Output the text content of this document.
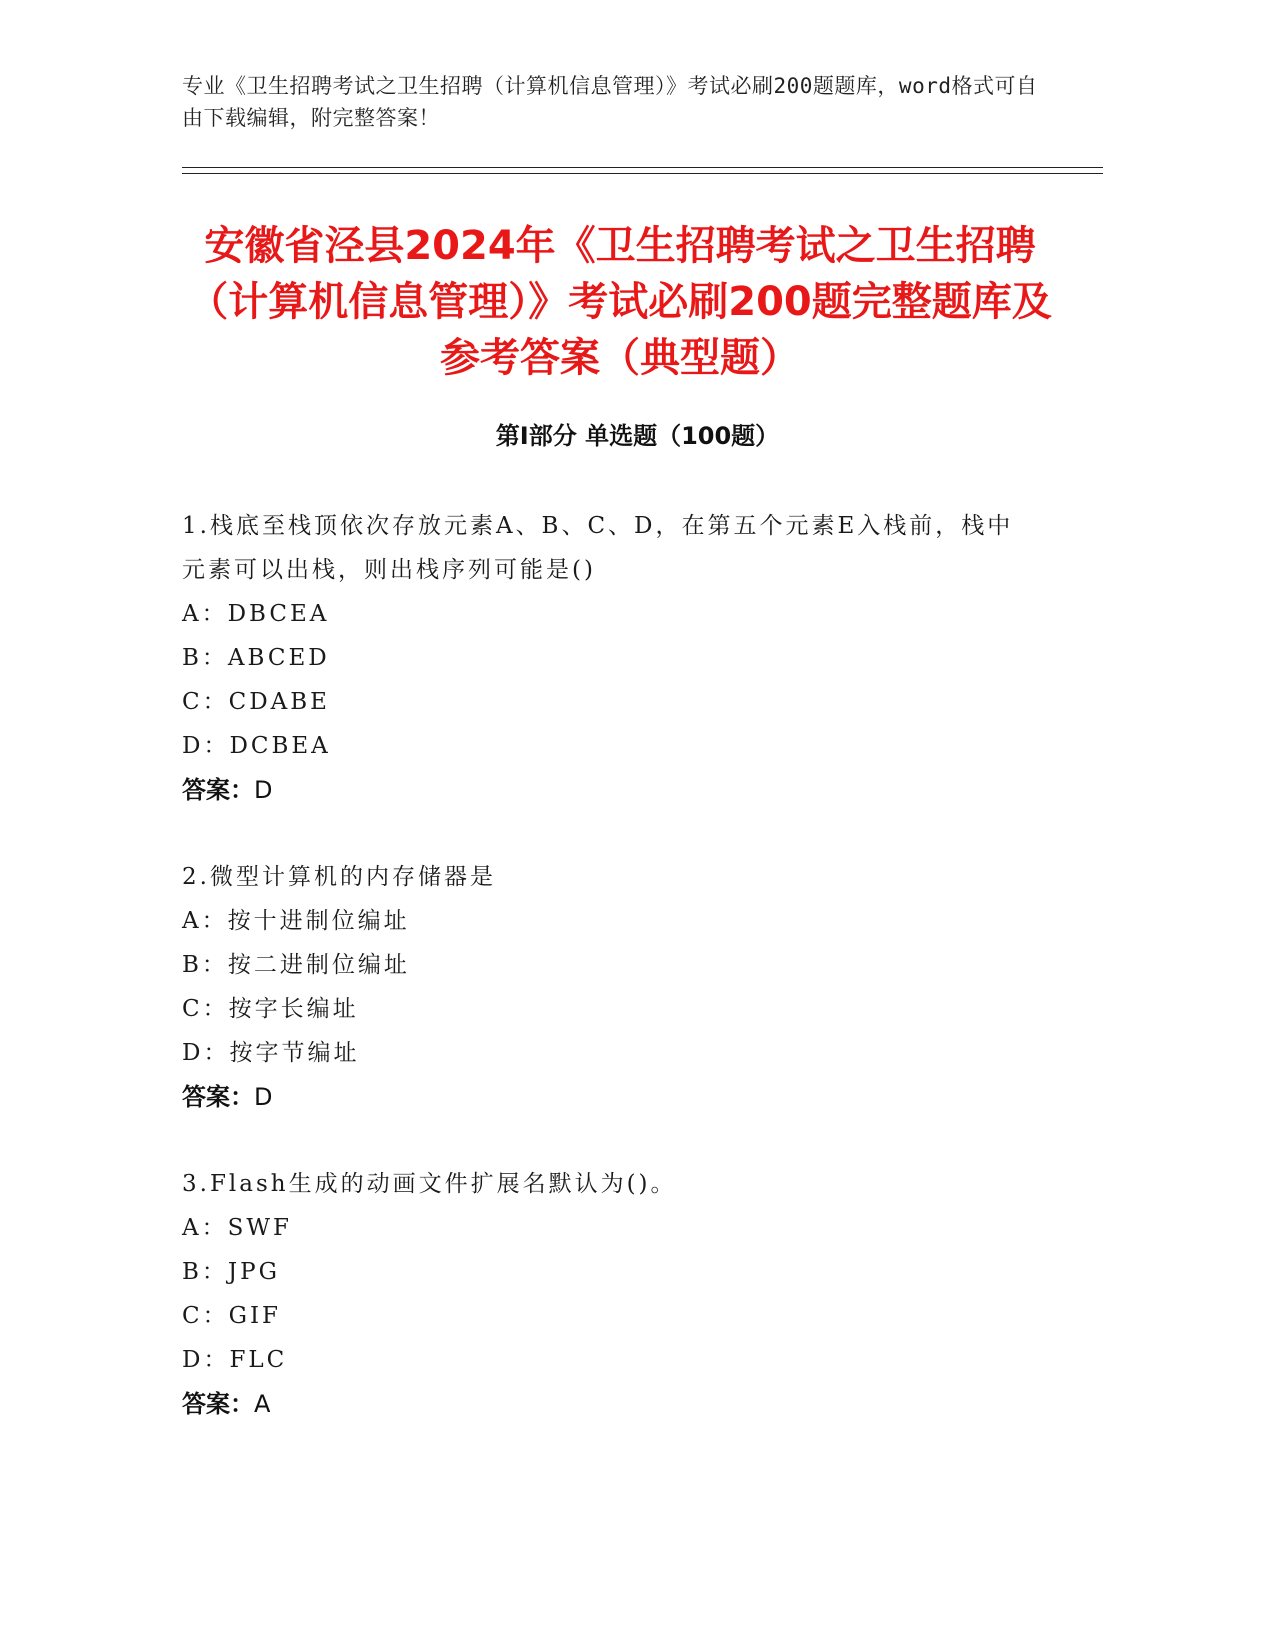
专业《卫生招聘考试之卫生招聘（计算机信息管理）》考试必刷200题题库，word格式可自由下载编辑，附完整答案！
安徽省泾县2024年《卫生招聘考试之卫生招聘（计算机信息管理）》考试必刷200题完整题库及参考答案（典型题）
第I部分 单选题（100题）
1.栈底至栈顶依次存放元素A、B、C、D，在第五个元素E入栈前，栈中元素可以出栈，则出栈序列可能是()
A：DBCEA
B：ABCED
C：CDABE
D：DCBEA
答案：D
2.微型计算机的内存储器是
A：按十进制位编址
B：按二进制位编址
C：按字长编址
D：按字节编址
答案：D
3.Flash生成的动画文件扩展名默认为()。
A：SWF
B：JPG
C：GIF
D：FLC
答案：A
